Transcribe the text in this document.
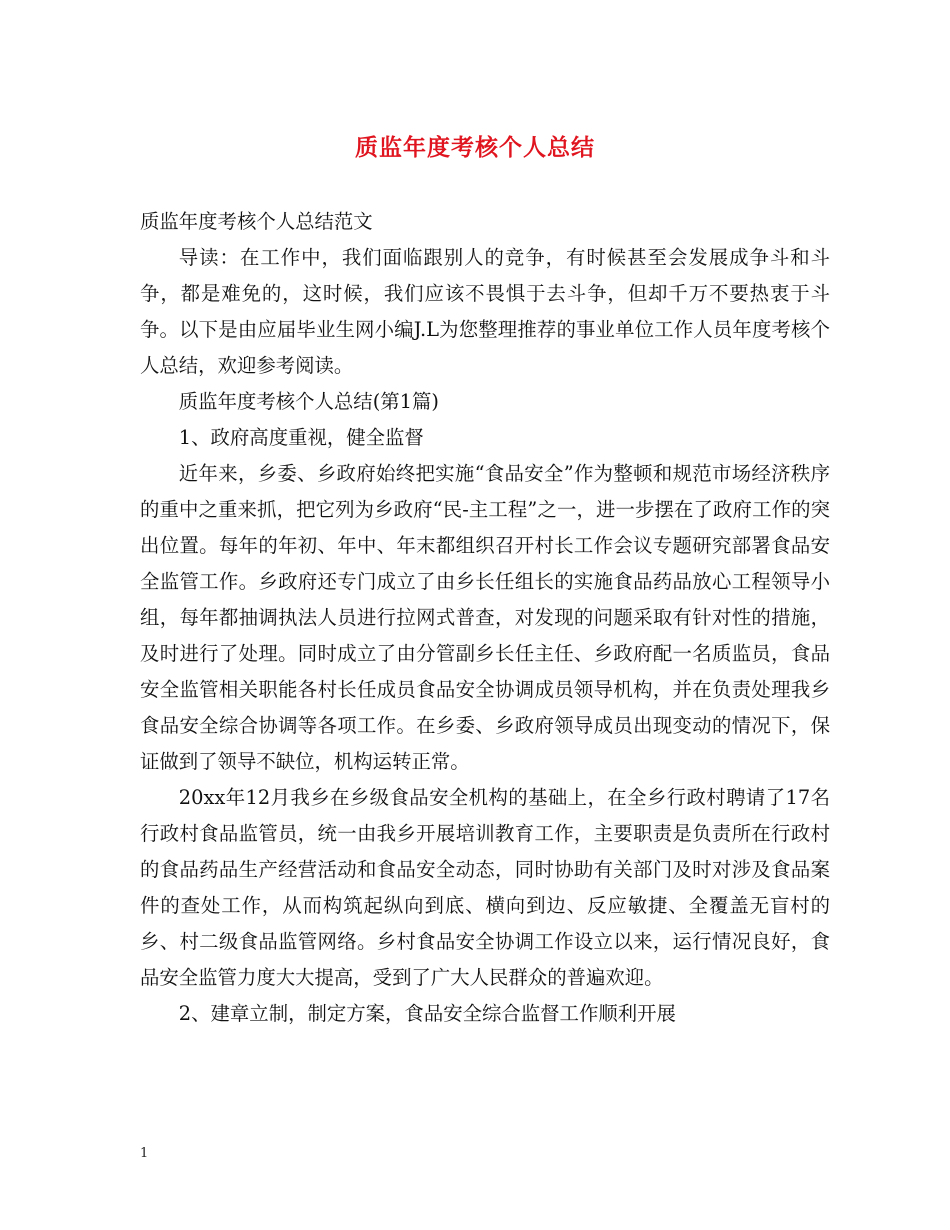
质监年度考核个人总结

质监年度考核个人总结范文

导读：在工作中，我们面临跟别人的竞争，有时候甚至会发展成争斗和斗争，都是难免的，这时候，我们应该不畏惧于去斗争，但却千万不要热衷于斗争。以下是由应届毕业生网小编J.L为您整理推荐的事业单位工作人员年度考核个人总结，欢迎参考阅读。

质监年度考核个人总结(第1篇)

1、政府高度重视，健全监督

近年来，乡委、乡政府始终把实施“食品安全”作为整顿和规范市场经济秩序的重中之重来抓，把它列为乡政府“民-主工程”之一，进一步摆在了政府工作的突出位置。每年的年初、年中、年末都组织召开村长工作会议专题研究部署食品安全监管工作。乡政府还专门成立了由乡长任组长的实施食品药品放心工程领导小组，每年都抽调执法人员进行拉网式普查，对发现的问题采取有针对性的措施，及时进行了处理。同时成立了由分管副乡长任主任、乡政府配一名质监员，食品安全监管相关职能各村长任成员食品安全协调成员领导机构，并在负责处理我乡食品安全综合协调等各项工作。在乡委、乡政府领导成员出现变动的情况下，保证做到了领导不缺位，机构运转正常。

20xx年12月我乡在乡级食品安全机构的基础上，在全乡行政村聘请了17名行政村食品监管员，统一由我乡开展培训教育工作，主要职责是负责所在行政村的食品药品生产经营活动和食品安全动态，同时协助有关部门及时对涉及食品案件的查处工作，从而构筑起纵向到底、横向到边、反应敏捷、全覆盖无盲村的乡、村二级食品监管网络。乡村食品安全协调工作设立以来，运行情况良好，食品安全监管力度大大提高，受到了广大人民群众的普遍欢迎。

2、建章立制，制定方案，食品安全综合监督工作顺利开展

1
